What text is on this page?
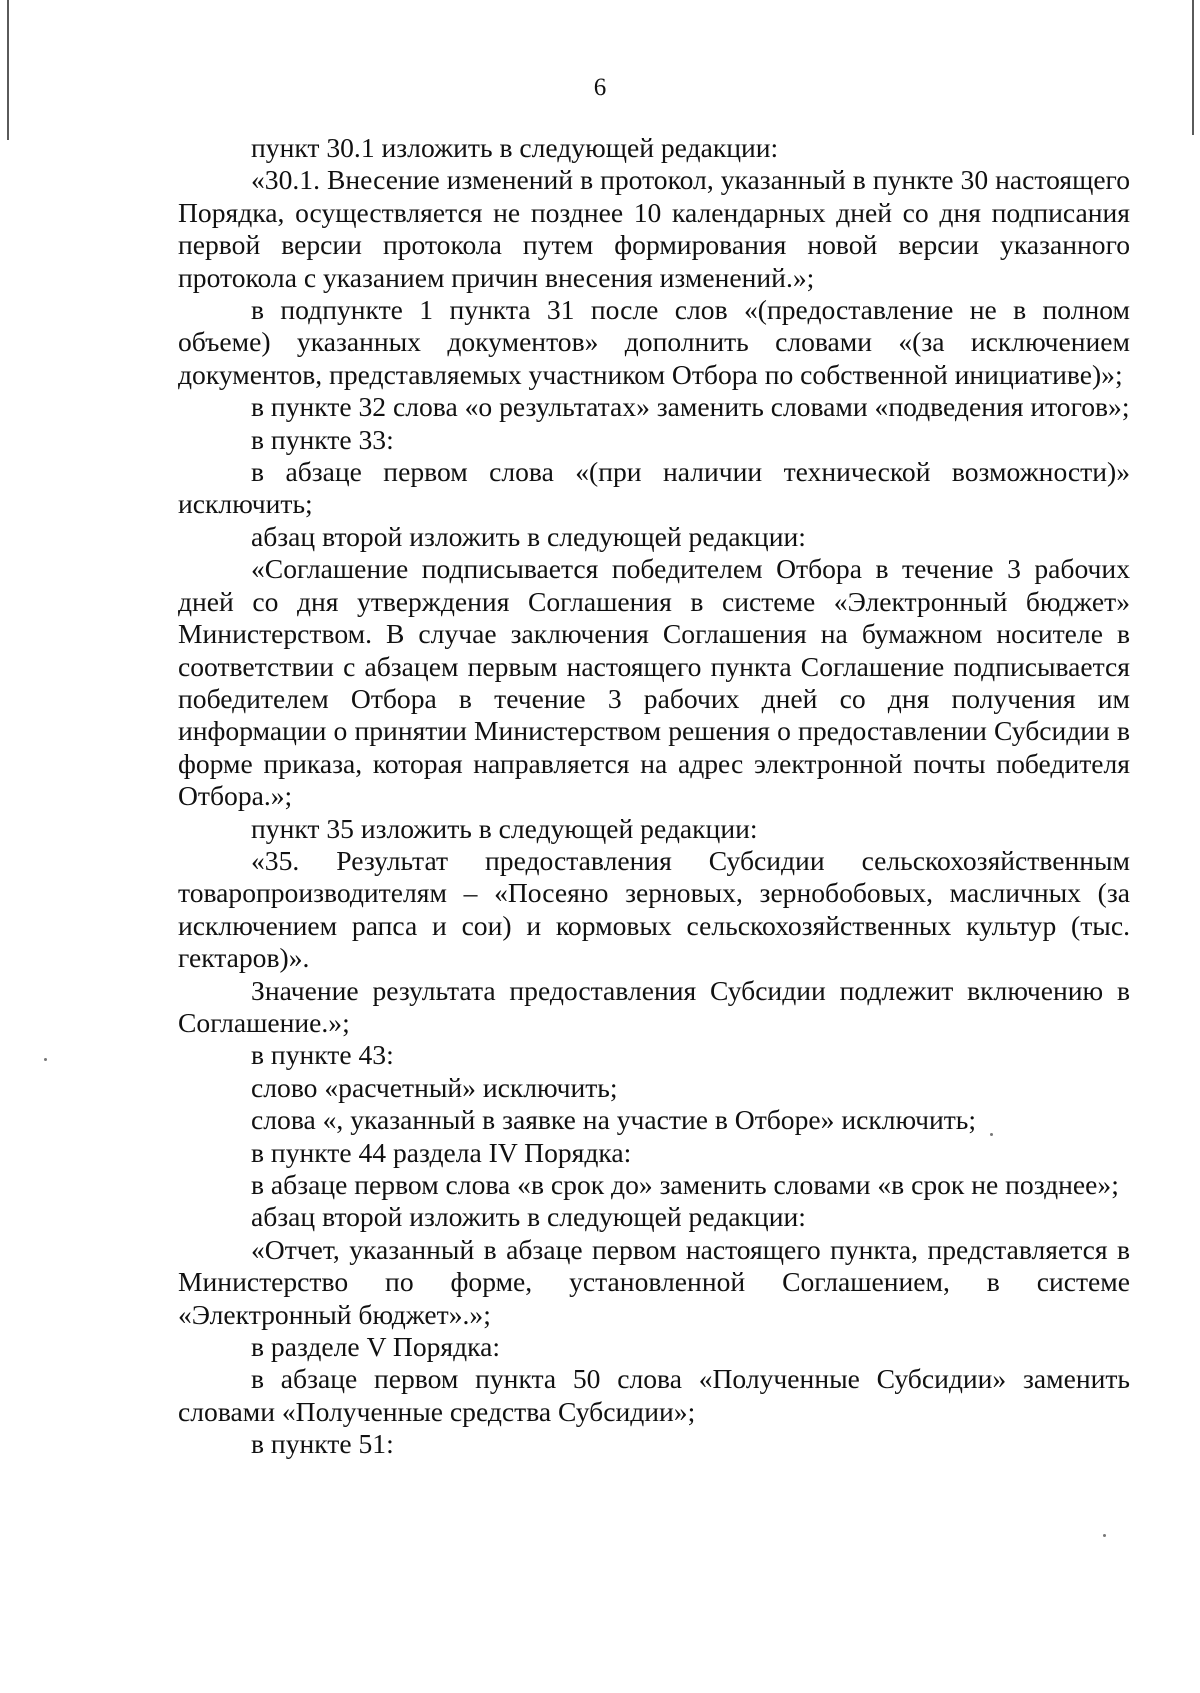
6

пункт 30.1 изложить в следующей редакции:

«30.1. Внесение изменений в протокол, указанный в пункте 30 настоящего Порядка, осуществляется не позднее 10 календарных дней со дня подписания первой версии протокола путем формирования новой версии указанного протокола с указанием причин внесения изменений.»;

в подпункте 1 пункта 31 после слов «(предоставление не в полном объеме) указанных документов» дополнить словами «(за исключением документов, представляемых участником Отбора по собственной инициативе)»;

в пункте 32 слова «о результатах» заменить словами «подведения итогов»;

в пункте 33:

в абзаце первом слова «(при наличии технической возможности)» исключить;

абзац второй изложить в следующей редакции:

«Соглашение подписывается победителем Отбора в течение 3 рабочих дней со дня утверждения Соглашения в системе «Электронный бюджет» Министерством. В случае заключения Соглашения на бумажном носителе в соответствии с абзацем первым настоящего пункта Соглашение подписывается победителем Отбора в течение 3 рабочих дней со дня получения им информации о принятии Министерством решения о предоставлении Субсидии в форме приказа, которая направляется на адрес электронной почты победителя Отбора.»;

пункт 35 изложить в следующей редакции:

«35. Результат предоставления Субсидии сельскохозяйственным товаропроизводителям – «Посеяно зерновых, зернобобовых, масличных (за исключением рапса и сои) и кормовых сельскохозяйственных культур (тыс. гектаров)».

Значение результата предоставления Субсидии подлежит включению в Соглашение.»;

в пункте 43:

слово «расчетный» исключить;

слова «, указанный в заявке на участие в Отборе» исключить;

в пункте 44 раздела IV Порядка:

в абзаце первом слова «в срок до» заменить словами «в срок не позднее»;

абзац второй изложить в следующей редакции:

«Отчет, указанный в абзаце первом настоящего пункта, представляется в Министерство по форме, установленной Соглашением, в системе «Электронный бюджет».»;

в разделе V Порядка:

в абзаце первом пункта 50 слова «Полученные Субсидии» заменить словами «Полученные средства Субсидии»;

в пункте 51:
